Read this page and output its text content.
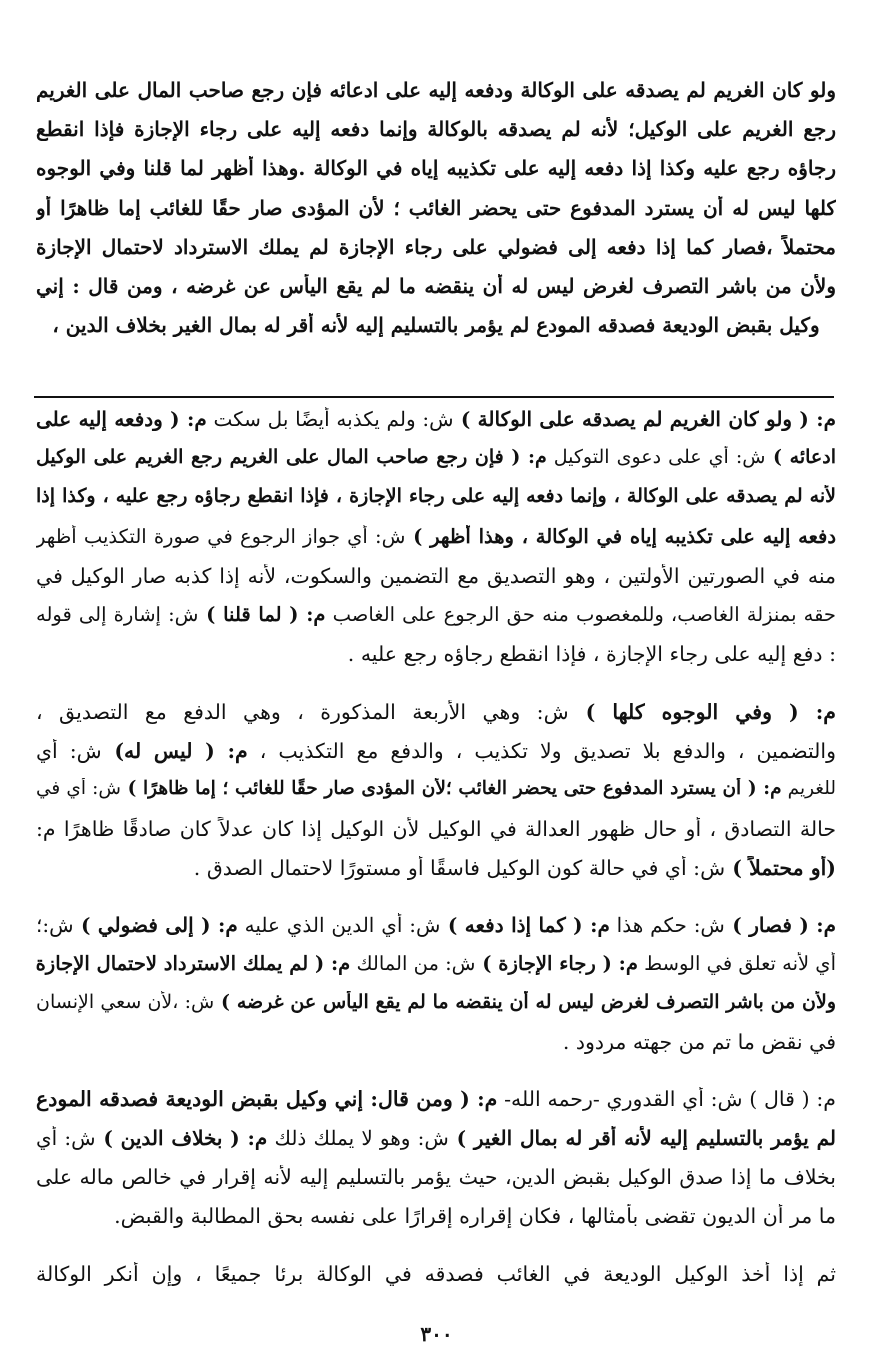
ولو كان الغريم لم يصدقه على الوكالة ودفعه إليه على ادعائه فإن رجع صاحب المال على الغريم
رجع الغريم على الوكيل؛ لأنه لم يصدقه بالوكالة وإنما دفعه إليه على رجاء الإجازة فإذا انقطع
رجاؤه رجع عليه وكذا إذا دفعه إليه على تكذيبه إياه في الوكالة .وهذا أظهر لما قلنا وفي الوجوه
كلها ليس له أن يسترد المدفوع حتى يحضر الغائب ؛ لأن المؤدى صار حقًا للغائب إما ظاهرًا أو
محتملاً ،فصار كما إذا دفعه إلى فضولي على رجاء الإجازة لم يملك الاسترداد لاحتمال الإجازة
ولأن من باشر التصرف لغرض ليس له أن ينقضه ما لم يقع اليأس عن غرضه ، ومن قال : إني
وكيل بقبض الوديعة فصدقه المودع لم يؤمر بالتسليم إليه لأنه أقر له بمال الغير بخلاف الدين ،
م: ( ولو كان الغريم لم يصدقه على الوكالة ) ش: ولم يكذبه أيضًا بل سكت م: ( ودفعه إليه على
ادعائه ) ش: أي على دعوى التوكيل م: ( فإن رجع صاحب المال على الغريم رجع الغريم على الوكيل
لأنه لم يصدقه على الوكالة ، وإنما دفعه إليه على رجاء الإجازة ، فإذا انقطع رجاؤه رجع عليه ، وكذا إذا
دفعه إليه على تكذيبه إياه في الوكالة ، وهذا أظهر ) ش: أي جواز الرجوع في صورة التكذيب أظهر
منه في الصورتين الأولتين ، وهو التصديق مع التضمين والسكوت، لأنه إذا كذبه صار الوكيل في
حقه بمنزلة الغاصب، وللمغصوب منه حق الرجوع على الغاصب م: ( لما قلنا ) ش: إشارة إلى قوله
: دفع إليه على رجاء الإجازة ، فإذا انقطع رجاؤه رجع عليه .
م: ( وفي الوجوه كلها ) ش: وهي الأربعة المذكورة ، وهي الدفع مع التصديق ،
والتضمين ، والدفع بلا تصديق ولا تكذيب ، والدفع مع التكذيب ، م: ( ليس له) ش: أي
للغريم م: ( أن يسترد المدفوع حتى يحضر الغائب ؛لأن المؤدى صار حقًا للغائب ؛ إما ظاهرًا ) ش: أي في
حالة التصادق ، أو حال ظهور العدالة في الوكيل لأن الوكيل إذا كان عدلاً كان صادقًا ظاهرًا م:
(أو محتملاً ) ش: أي في حالة كون الوكيل فاسقًا أو مستورًا لاحتمال الصدق .
م: ( فصار ) ش: حكم هذا م: ( كما إذا دفعه ) ش: أي الدين الذي عليه م: ( إلى فضولي ) ش:؛
أي لأنه تعلق في الوسط م: ( رجاء الإجازة ) ش: من المالك م: ( لم يملك الاسترداد لاحتمال الإجازة
ولأن من باشر التصرف لغرض ليس له أن ينقضه ما لم يقع اليأس عن غرضه ) ش: ،لأن سعي الإنسان
في نقض ما تم من جهته مردود .
م: ( قال ) ش: أي القدوري -رحمه الله- م: ( ومن قال: إني وكيل بقبض الوديعة فصدقه المودع
لم يؤمر بالتسليم إليه لأنه أقر له بمال الغير ) ش: وهو لا يملك ذلك م: ( بخلاف الدين ) ش: أي
بخلاف ما إذا صدق الوكيل بقبض الدين، حيث يؤمر بالتسليم إليه لأنه إقرار في خالص ماله على
ما مر أن الديون تقضى بأمثالها ، فكان إقراره إقرارًا على نفسه بحق المطالبة والقبض.
ثم إذا أخذ الوكيل الوديعة في الغائب فصدقه في الوكالة برئا جميعًا ، وإن أنكر الوكالة
٣٠٠
